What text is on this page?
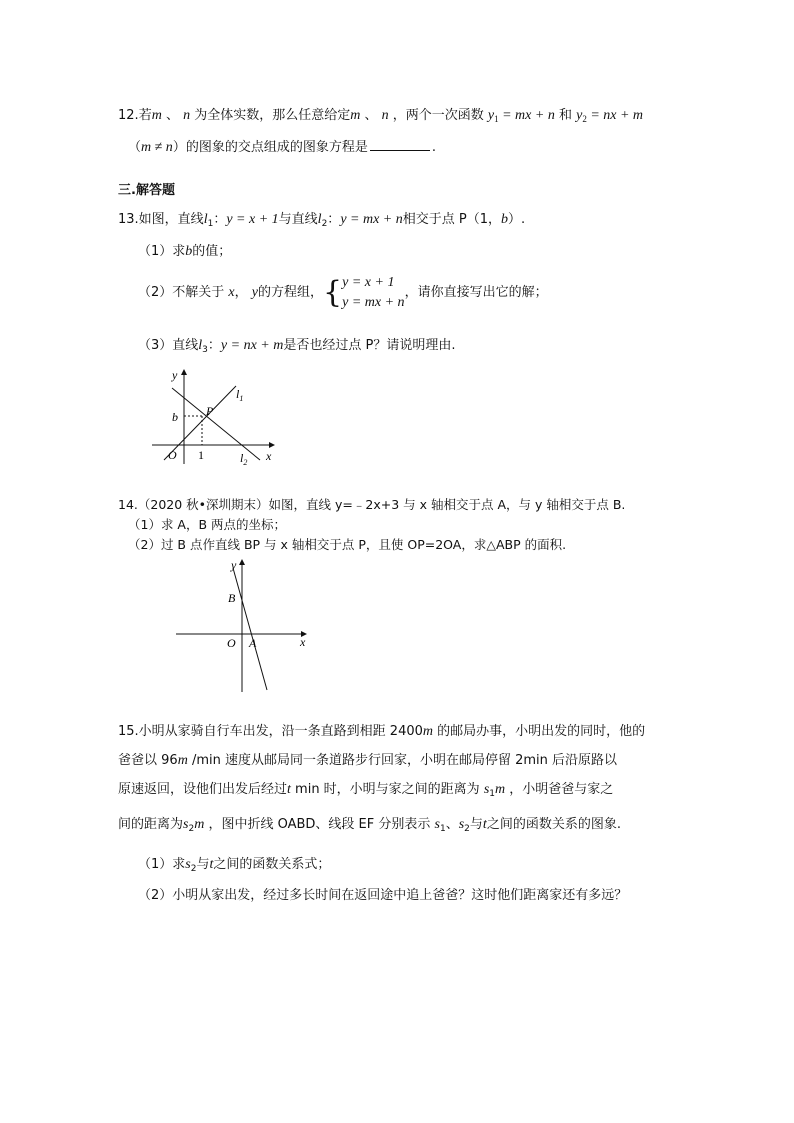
12.若m 、 n 为全体实数，那么任意给定m 、 n ，两个一次函数 $y_1$ = mx + n 和 $y_2$ = nx + m
（m ≠ n）的图象的交点组成的图象方程是	.
三.解答题
13.如图，直线$l_1$：y = x + 1与直线$l_2$：y = mx + n相交于点 P（1，b）.
（1）求b的值；
（2）不解关于 x， y的方程组，{ y = x + 1
y = mx + n
，请你直接写出它的解；
（3）直线$l_3$：y = nx + m是否也经过点 P？请说明理由.
y
x
O 1
b P
$l_1$
$l_2$
14.（2020 秋•深圳期末）如图，直线 y=﹣2x+3 与 x 轴相交于点 A，与 y 轴相交于点 B.
（1）求 A，B 两点的坐标；
（2）过 B 点作直线 BP 与 x 轴相交于点 P，且使 OP=2OA，求△ABP 的面积.
y
x
B
O A
15.小明从家骑自行车出发，沿一条直路到相距 2400m 的邮局办事，小明出发的同时，他的
爸爸以 96m /min 速度从邮局同一条道路步行回家，小明在邮局停留 2min 后沿原路以
原速返回，设他们出发后经过t min 时，小明与家之间的距离为 $s_1m$ ，小明爸爸与家之
间的距离为$s_2m$ ，图中折线 OABD、线段 EF 分别表示 $s_1$、$s_2$与t之间的函数关系的图象.
（1）求$s_2$与t之间的函数关系式；
（2）小明从家出发，经过多长时间在返回途中追上爸爸？这时他们距离家还有多远？
